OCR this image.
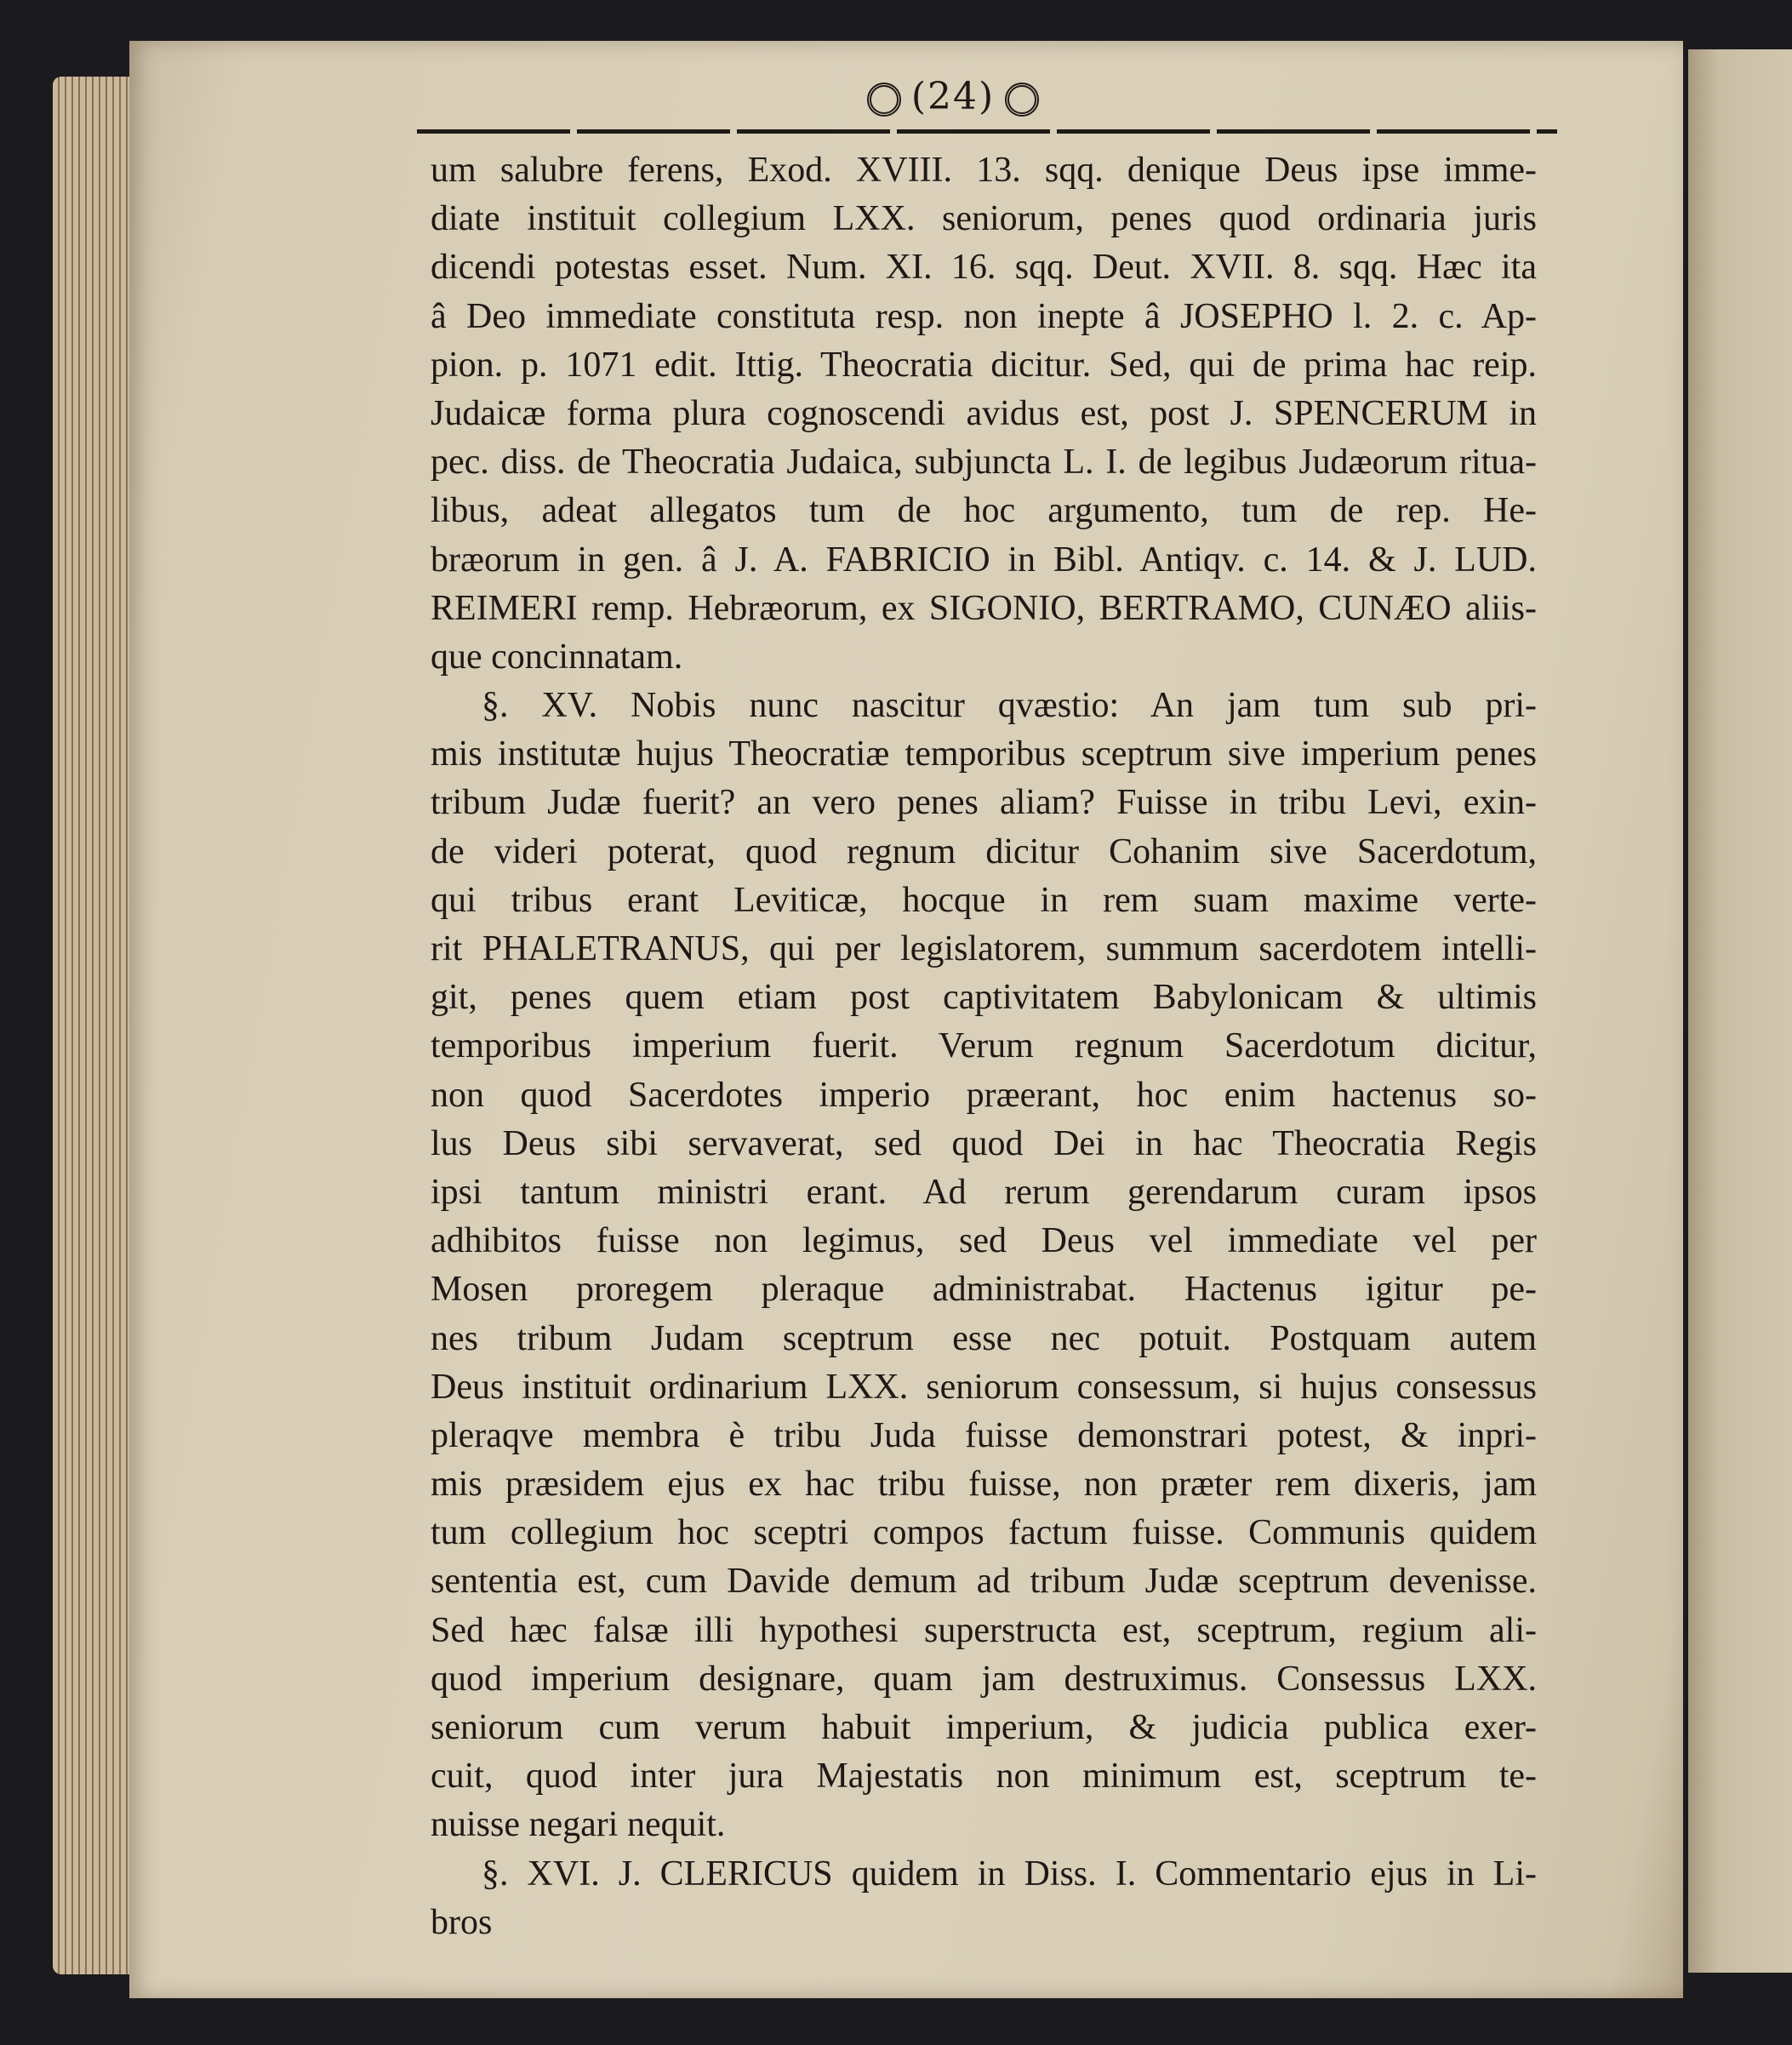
(24)
um salubre ferens, Exod. XVIII. 13. sqq. denique Deus ipse imme-
diate instituit collegium LXX. seniorum, penes quod ordinaria juris
dicendi potestas esset. Num. XI. 16. sqq. Deut. XVII. 8. sqq. Hæc ita
â Deo immediate constituta resp. non inepte â JOSEPHO l. 2. c. Ap-
pion. p. 1071 edit. Ittig. Theocratia dicitur. Sed, qui de prima hac reip.
Judaicæ forma plura cognoscendi avidus est, post J. SPENCERUM in
pec. diss. de Theocratia Judaica, subjuncta L. I. de legibus Judæorum ritua-
libus, adeat allegatos tum de hoc argumento, tum de rep. He-
bræorum in gen. â J. A. FABRICIO in Bibl. Antiqv. c. 14. & J. LUD.
REIMERI remp. Hebræorum, ex SIGONIO, BERTRAMO, CUNÆO aliis-
que concinnatam.
§. XV. Nobis nunc nascitur qvæstio: An jam tum sub pri-
mis institutæ hujus Theocratiæ temporibus sceptrum sive imperium penes
tribum Judæ fuerit? an vero penes aliam? Fuisse in tribu Levi, exin-
de videri poterat, quod regnum dicitur Cohanim sive Sacerdotum,
qui tribus erant Leviticæ, hocque in rem suam maxime verte-
rit PHALETRANUS, qui per legislatorem, summum sacerdotem intelli-
git, penes quem etiam post captivitatem Babylonicam & ultimis
temporibus imperium fuerit. Verum regnum Sacerdotum dicitur,
non quod Sacerdotes imperio præerant, hoc enim hactenus so-
lus Deus sibi servaverat, sed quod Dei in hac Theocratia Regis
ipsi tantum ministri erant. Ad rerum gerendarum curam ipsos
adhibitos fuisse non legimus, sed Deus vel immediate vel per
Mosen proregem pleraque administrabat. Hactenus igitur pe-
nes tribum Judam sceptrum esse nec potuit. Postquam autem
Deus instituit ordinarium LXX. seniorum consessum, si hujus consessus
pleraqve membra è tribu Juda fuisse demonstrari potest, & inpri-
mis præsidem ejus ex hac tribu fuisse, non præter rem dixeris, jam
tum collegium hoc sceptri compos factum fuisse. Communis quidem
sententia est, cum Davide demum ad tribum Judæ sceptrum devenisse.
Sed hæc falsæ illi hypothesi superstructa est, sceptrum, regium ali-
quod imperium designare, quam jam destruximus. Consessus LXX.
seniorum cum verum habuit imperium, & judicia publica exer-
cuit, quod inter jura Majestatis non minimum est, sceptrum te-
nuisse negari nequit.
§. XVI. J. CLERICUS quidem in Diss. I. Commentario ejus in Li-
bros
